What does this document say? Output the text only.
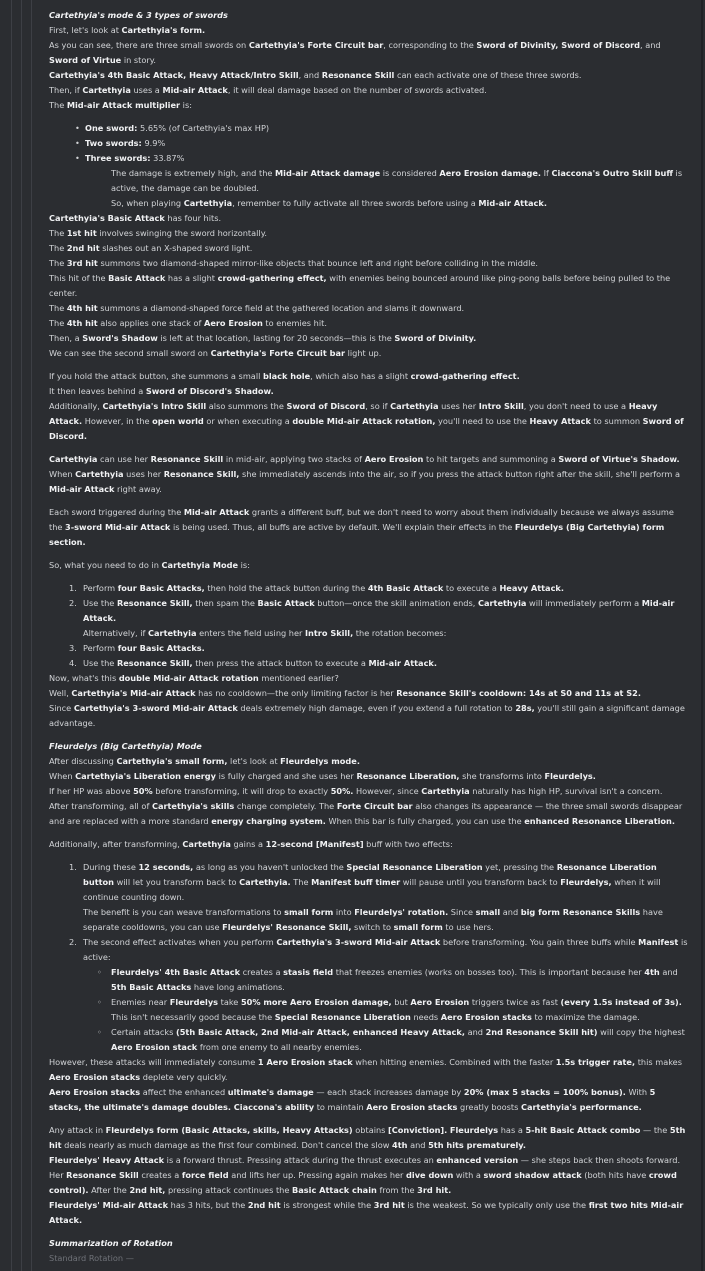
Cartethyia's mode & 3 types of swords

First, let's look at Cartethyia's form.

As you can see, there are three small swords on Cartethyia's Forte Circuit bar, corresponding to the Sword of Divinity, Sword of Discord, and Sword of Virtue in story.

Cartethyia's 4th Basic Attack, Heavy Attack/Intro Skill, and Resonance Skill can each activate one of these three swords.

Then, if Cartethyia uses a Mid-air Attack, it will deal damage based on the number of swords activated.

The Mid-air Attack multiplier is:

• One sword: 5.65% (of Cartethyia's max HP)
• Two swords: 9.9%
• Three swords: 33.87%

The damage is extremely high, and the Mid-air Attack damage is considered Aero Erosion damage. If Ciaccona's Outro Skill buff is active, the damage can be doubled.

So, when playing Cartethyia, remember to fully activate all three swords before using a Mid-air Attack.

Cartethyia's Basic Attack has four hits.

The 1st hit involves swinging the sword horizontally.

The 2nd hit slashes out an X-shaped sword light.

The 3rd hit summons two diamond-shaped mirror-like objects that bounce left and right before colliding in the middle.

This hit of the Basic Attack has a slight crowd-gathering effect, with enemies being bounced around like ping-pong balls before being pulled to the center.

The 4th hit summons a diamond-shaped force field at the gathered location and slams it downward.

The 4th hit also applies one stack of Aero Erosion to enemies hit.

Then, a Sword's Shadow is left at that location, lasting for 20 seconds—this is the Sword of Divinity.

We can see the second small sword on Cartethyia's Forte Circuit bar light up.

If you hold the attack button, she summons a small black hole, which also has a slight crowd-gathering effect.

It then leaves behind a Sword of Discord's Shadow.

Additionally, Cartethyia's Intro Skill also summons the Sword of Discord, so if Cartethyia uses her Intro Skill, you don't need to use a Heavy Attack. However, in the open world or when executing a double Mid-air Attack rotation, you'll need to use the Heavy Attack to summon Sword of Discord.

Cartethyia can use her Resonance Skill in mid-air, applying two stacks of Aero Erosion to hit targets and summoning a Sword of Virtue's Shadow.

When Cartethyia uses her Resonance Skill, she immediately ascends into the air, so if you press the attack button right after the skill, she'll perform a Mid-air Attack right away.

Each sword triggered during the Mid-air Attack grants a different buff, but we don't need to worry about them individually because we always assume the 3-sword Mid-air Attack is being used. Thus, all buffs are active by default. We'll explain their effects in the Fleurdelys (Big Cartethyia) form section.

So, what you need to do in Cartethyia Mode is:

1. Perform four Basic Attacks, then hold the attack button during the 4th Basic Attack to execute a Heavy Attack.
2. Use the Resonance Skill, then spam the Basic Attack button—once the skill animation ends, Cartethyia will immediately perform a Mid-air Attack.

Alternatively, if Cartethyia enters the field using her Intro Skill, the rotation becomes:

3. Perform four Basic Attacks.
4. Use the Resonance Skill, then press the attack button to execute a Mid-air Attack.

Now, what's this double Mid-air Attack rotation mentioned earlier?

Well, Cartethyia's Mid-air Attack has no cooldown—the only limiting factor is her Resonance Skill's cooldown: 14s at S0 and 11s at S2.

Since Cartethyia's 3-sword Mid-air Attack deals extremely high damage, even if you extend a full rotation to 28s, you'll still gain a significant damage advantage.

Fleurdelys (Big Cartethyia) Mode

After discussing Cartethyia's small form, let's look at Fleurdelys mode.

When Cartethyia's Liberation energy is fully charged and she uses her Resonance Liberation, she transforms into Fleurdelys.

If her HP was above 50% before transforming, it will drop to exactly 50%. However, since Cartethyia naturally has high HP, survival isn't a concern.

After transforming, all of Cartethyia's skills change completely. The Forte Circuit bar also changes its appearance — the three small swords disappear and are replaced with a more standard energy charging system. When this bar is fully charged, you can use the enhanced Resonance Liberation.

Additionally, after transforming, Cartethyia gains a 12-second [Manifest] buff with two effects:

1. During these 12 seconds, as long as you haven't unlocked the Special Resonance Liberation yet, pressing the Resonance Liberation button will let you transform back to Cartethyia. The Manifest buff timer will pause until you transform back to Fleurdelys, when it will continue counting down.

The benefit is you can weave transformations to small form into Fleurdelys' rotation. Since small and big form Resonance Skills have separate cooldowns, you can use Fleurdelys' Resonance Skill, switch to small form to use hers.

2. The second effect activates when you perform Cartethyia's 3-sword Mid-air Attack before transforming. You gain three buffs while Manifest is active:
◦ Fleurdelys' 4th Basic Attack creates a stasis field that freezes enemies (works on bosses too). This is important because her 4th and 5th Basic Attacks have long animations.
◦ Enemies near Fleurdelys take 50% more Aero Erosion damage, but Aero Erosion triggers twice as fast (every 1.5s instead of 3s). This isn't necessarily good because the Special Resonance Liberation needs Aero Erosion stacks to maximize the damage.
◦ Certain attacks (5th Basic Attack, 2nd Mid-air Attack, enhanced Heavy Attack, and 2nd Resonance Skill hit) will copy the highest Aero Erosion stack from one enemy to all nearby enemies.

However, these attacks will immediately consume 1 Aero Erosion stack when hitting enemies. Combined with the faster 1.5s trigger rate, this makes Aero Erosion stacks deplete very quickly.

Aero Erosion stacks affect the enhanced ultimate's damage — each stack increases damage by 20% (max 5 stacks = 100% bonus). With 5 stacks, the ultimate's damage doubles. Ciaccona's ability to maintain Aero Erosion stacks greatly boosts Cartethyia's performance.

Any attack in Fleurdelys form (Basic Attacks, skills, Heavy Attacks) obtains [Conviction]. Fleurdelys has a 5-hit Basic Attack combo — the 5th hit deals nearly as much damage as the first four combined. Don't cancel the slow 4th and 5th hits prematurely.

Fleurdelys' Heavy Attack is a forward thrust. Pressing attack during the thrust executes an enhanced version — she steps back then shoots forward.

Her Resonance Skill creates a force field and lifts her up. Pressing again makes her dive down with a sword shadow attack (both hits have crowd control). After the 2nd hit, pressing attack continues the Basic Attack chain from the 3rd hit.

Fleurdelys' Mid-air Attack has 3 hits, but the 2nd hit is strongest while the 3rd hit is the weakest. So we typically only use the first two hits Mid-air Attack.

Summarization of Rotation

Standard Rotation —
